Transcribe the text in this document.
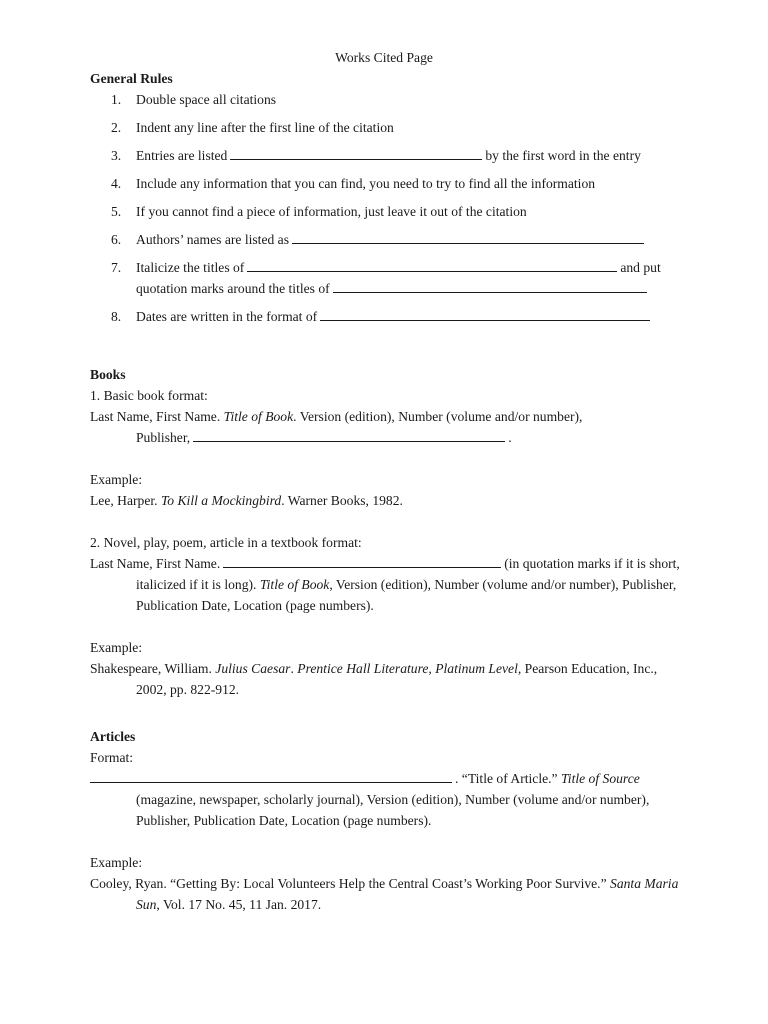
Works Cited Page
General Rules
1. Double space all citations
2. Indent any line after the first line of the citation
3. Entries are listed	by the first word in the entry
4. Include any information that you can find, you need to try to find all the information
5. If you cannot find a piece of information, just leave it out of the citation
6. Authors’ names are listed as
7. Italicize the titles of	and put
quotation marks around the titles of
8. Dates are written in the format of
Books

1. Basic book format:

Last Name, First Name. Title of Book. Version (edition), Number (volume and/or number),
Publisher,	.

Example:

Lee, Harper. To Kill a Mockingbird. Warner Books, 1982.

2. Novel, play, poem, article in a textbook format:

Last Name, First Name.	(in quotation marks if it is short, italicized if it is long). Title of Book, Version (edition), Number (volume and/or number), Publisher, Publication Date, Location (page numbers).

Example:

Shakespeare, William. Julius Caesar. Prentice Hall Literature, Platinum Level, Pearson Education, Inc., 2002, pp. 822-912.

Articles

Format:

. “Title of Article.” Title of Source (magazine, newspaper, scholarly journal), Version (edition), Number (volume and/or number), Publisher, Publication Date, Location (page numbers).

Example:

Cooley, Ryan. “Getting By: Local Volunteers Help the Central Coast’s Working Poor Survive.” Santa Maria Sun, Vol. 17 No. 45, 11 Jan. 2017.
